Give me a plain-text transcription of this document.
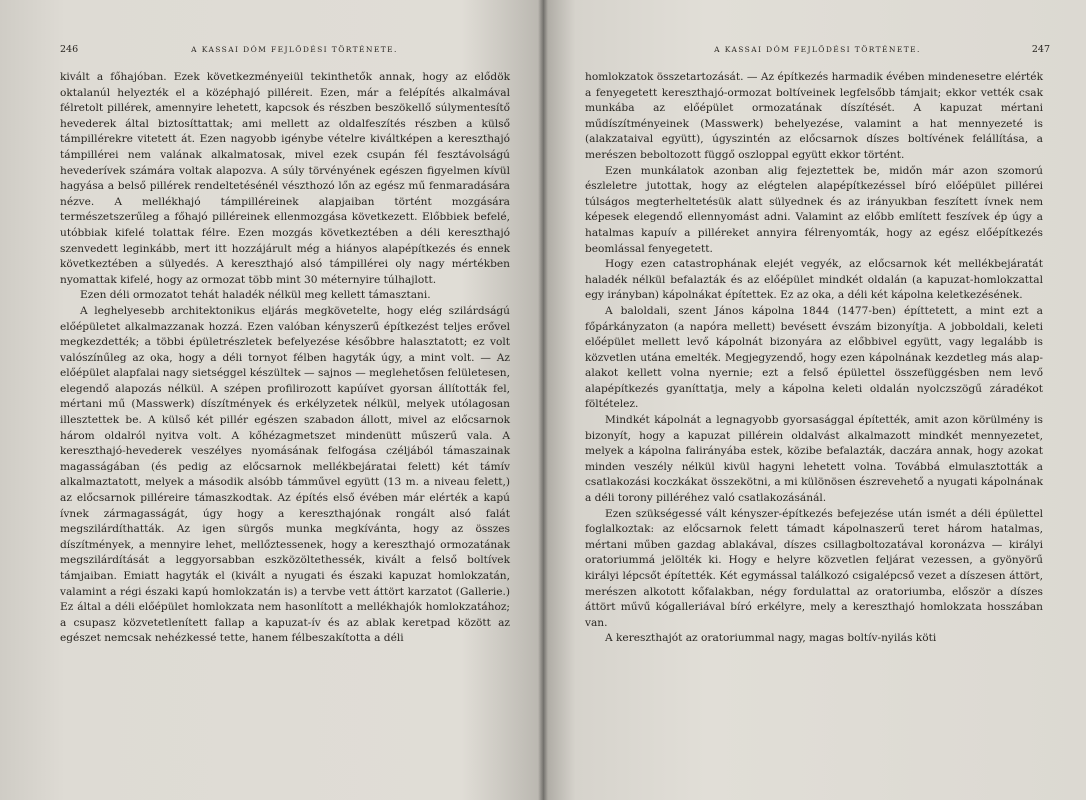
246	A KASSAI DÓM FEJLŐDÉSI TÖRTÉNETE.

kivált a főhajóban. Ezek következményeiül tekinthetők annak, hogy az elődök oktalanúl helyezték el a középhajó pilléreit. Ezen, már a felépítés alkalmával félretolt pillérek, amennyire lehetett, kapcsok és részben beszökellő súlymentesítő hevederek által biztosíttattak; ami mellett az oldalfeszítés részben a külső támpillérekre vitetett át. Ezen nagyobb igénybe vételre kiváltképen a kereszthajó támpillérei nem valának alkalmatosak, mivel ezek csupán fél fesztávolságú hevederívek számára voltak alapozva. A súly törvényének egészen figyelmen kívül hagyása a belső pillérek rendeltetésénél vészthozó lőn az egész mű fenmaradására nézve. A mellékhajó támpilléreinek alapjaiban történt mozgására természetszerűleg a főhajó pilléreinek ellenmozgása következett. Előbbiek befelé, utóbbiak kifelé tolattak félre. Ezen mozgás következtében a déli kereszthajó szenvedett leginkább, mert itt hozzájárult még a hiányos alapépítkezés és ennek következtében a sülyedés. A kereszthajó alsó támpillérei oly nagy mértékben nyomattak kifelé, hogy az ormozat több mint 30 méternyire túlhajlott.

Ezen déli ormozatot tehát haladék nélkül meg kellett támasztani.

A leghelyesebb architektonikus eljárás megkövetelte, hogy elég szilárdságú előépületet alkalmazzanak hozzá. Ezen valóban kényszerű építkezést teljes erővel megkezdették; a többi épületrészletek befelyezése későbbre halasztatott; ez volt valószínűleg az oka, hogy a déli tornyot félben hagyták úgy, a mint volt. — Az előépület alapfalai nagy sietséggel készültek — sajnos — meglehetősen felületesen, elegendő alapozás nélkül. A szépen profilirozott kapúívet gyorsan állították fel, mértani mű (Masswerk) díszítmények és erkélyzetek nélkül, melyek utólagosan illesztettek be. A külső két pillér egészen szabadon állott, mivel az előcsarnok három oldalról nyitva volt. A kőhézagmetszet mindenütt műszerű vala. A kereszthajó-hevederek veszélyes nyomásának felfogása czéljából támaszainak magasságában (és pedig az előcsarnok mellékbejáratai felett) két támív alkalmaztatott, melyek a második alsóbb támművel együtt (13 m. a niveau felett,) az előcsarnok pilléreire támaszkodtak. Az építés első évében már elérték a kapú ívnek zármagasságát, úgy hogy a kereszthajónak rongált alsó falát megszilárdíthatták. Az igen sürgős munka megkívánta, hogy az összes díszítmények, a mennyire lehet, mellőztessenek, hogy a kereszthajó ormozatának megszilárdítását a leggyorsabban eszközöltethessék, kivált a felső boltívek támjaiban. Emiatt hagyták el (kivált a nyugati és északi kapuzat homlokzatán, valamint a régi északi kapú homlokzatán is) a tervbe vett áttört karzatot (Gallerie.) Ez által a déli előépület homlokzata nem hasonlított a mellékhajók homlokzatához; a csupasz közvetetlenített fallap a kapuzat-ív és az ablak keretpad között az egészet nemcsak nehézkessé tette, hanem félbeszakította a déli

A KASSAI DÓM FEJLŐDÉSI TÖRTÉNETE.	247

homlokzatok összetartozását. — Az építkezés harmadik évében mindenesetre elérték a fenyegetett kereszthajó-ormozat boltíveinek legfelsőbb támjait; ekkor vették csak munkába az előépület ormozatának díszítését. A kapuzat mértani műdíszítményeinek (Masswerk) behelyezése, valamint a hat mennyezeté is (alakzataival együtt), úgyszintén az előcsarnok díszes boltívének felállítása, a merészen beboltozott függő oszloppal együtt ekkor történt.

Ezen munkálatok azonban alig fejeztettek be, midőn már azon szomorú észleletre jutottak, hogy az elégtelen alapépítkezéssel bíró előépület pillérei túlságos megterheltetésük alatt sülyednek és az irányukban feszített ívnek nem képesek elegendő ellennyomást adni. Valamint az előbb említett feszívek ép úgy a hatalmas kapuív a pilléreket annyira félrenyomták, hogy az egész előépítkezés beomlással fenyegetett.

Hogy ezen catastrophának elejét vegyék, az előcsarnok két mellékbejáratát haladék nélkül befalazták és az előépület mindkét oldalán (a kapuzat-homlokzattal egy irányban) kápolnákat építettek. Ez az oka, a déli két kápolna keletkezésének.

A baloldali, szent János kápolna 1844 (1477-ben) építtetett, a mint ezt a főpárkányzaton (a napóra mellett) bevésett évszám bizonyítja. A jobboldali, keleti előépület mellett levő kápolnát bizonyára az előbbivel együtt, vagy legalább is közvetlen utána emelték. Megjegyzendő, hogy ezen kápolnának kezdetleg más alap-alakot kellett volna nyernie; ezt a felső épülettel összefüggésben nem levő alapépítkezés gyaníttatja, mely a kápolna keleti oldalán nyolczszögű záradékot föltételez.

Mindkét kápolnát a legnagyobb gyorsasággal építették, amit azon körülmény is bizonyít, hogy a kapuzat pillérein oldalvást alkalmazott mindkét mennyezetet, melyek a kápolna falirányába estek, közibe befalazták, daczára annak, hogy azokat minden veszély nélkül kivül hagyni lehetett volna. Továbbá elmulasztották a csatlakozási koczkákat összekötni, a mi különösen észrevehető a nyugati kápolnának a déli torony pilléréhez való csatlakozásánál.

Ezen szükségessé vált kényszer-építkezés befejezése után ismét a déli épülettel foglalkoztak: az előcsarnok felett támadt kápolnaszerű teret három hatalmas, mértani műben gazdag ablakával, díszes csillagboltozatával koronázva — királyi oratoriummá jelölték ki. Hogy e helyre közvetlen feljárat vezessen, a gyönyörű királyi lépcsőt építették. Két egymással találkozó csigalépcső vezet a díszesen áttört, merészen alkotott kőfalakban, négy fordulattal az oratoriumba, először a díszes áttört művű kógalleriával bíró erkélyre, mely a kereszthajó homlokzata hosszában van.

A kereszthajót az oratoriummal nagy, magas boltív-nyilás köti
